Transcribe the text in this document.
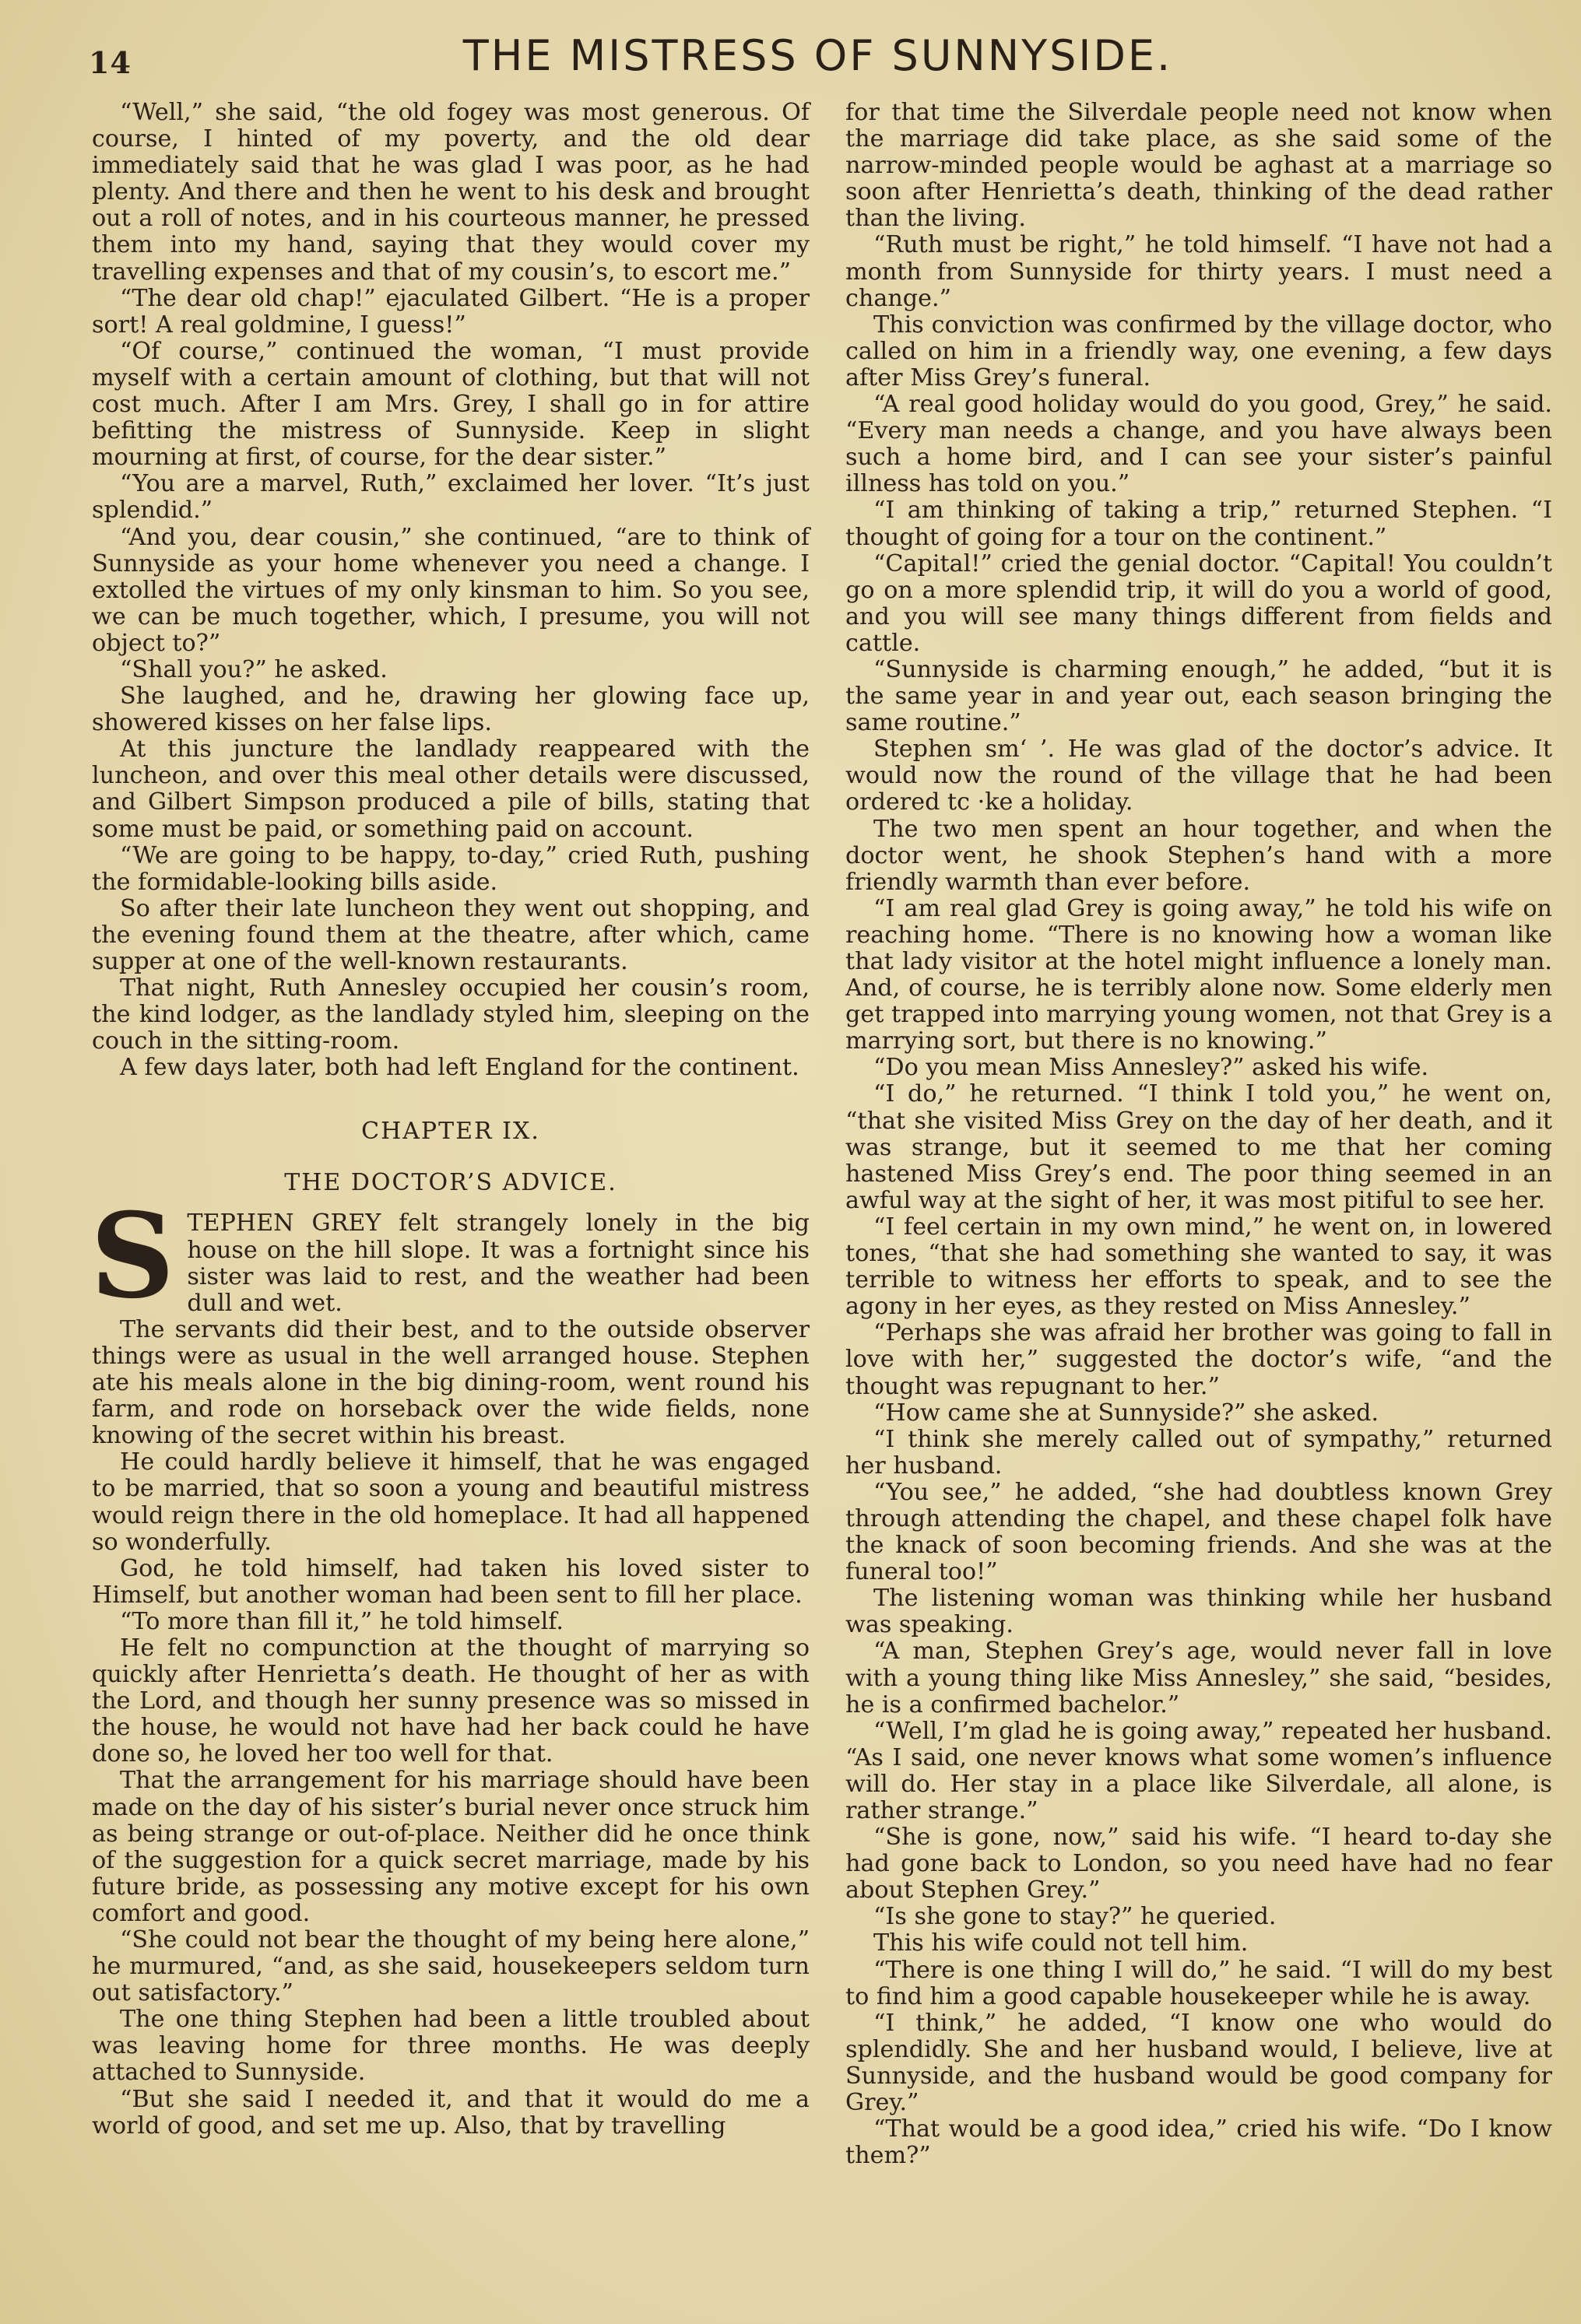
14	THE MISTRESS OF SUNNYSIDE.

“Well,” she said, “the old fogey was most generous. Of course, I hinted of my poverty, and the old dear immediately said that he was glad I was poor, as he had plenty. And there and then he went to his desk and brought out a roll of notes, and in his courteous manner, he pressed them into my hand, saying that they would cover my travelling expenses and that of my cousin’s, to escort me.”

“The dear old chap!” ejaculated Gilbert. “He is a proper sort! A real goldmine, I guess!”

“Of course,” continued the woman, “I must provide myself with a certain amount of clothing, but that will not cost much. After I am Mrs. Grey, I shall go in for attire befitting the mistress of Sunnyside. Keep in slight mourning at first, of course, for the dear sister.”

“You are a marvel, Ruth,” exclaimed her lover. “It’s just splendid.”

“And you, dear cousin,” she continued, “are to think of Sunnyside as your home whenever you need a change. I extolled the virtues of my only kinsman to him. So you see, we can be much together, which, I presume, you will not object to?”

“Shall you?” he asked.

She laughed, and he, drawing her glowing face up, showered kisses on her false lips.

At this juncture the landlady reappeared with the luncheon, and over this meal other details were discussed, and Gilbert Simpson produced a pile of bills, stating that some must be paid, or something paid on account.

“We are going to be happy, to-day,” cried Ruth, pushing the formidable-looking bills aside.

So after their late luncheon they went out shopping, and the evening found them at the theatre, after which, came supper at one of the well-known restaurants.

That night, Ruth Annesley occupied her cousin’s room, the kind lodger, as the landlady styled him, sleeping on the couch in the sitting-room.

A few days later, both had left England for the continent.

CHAPTER IX.
THE DOCTOR’S ADVICE.
S TEPHEN GREY felt strangely lonely in the big house on the hill slope. It was a fortnight since his sister was laid to rest, and the weather had been dull and wet.

The servants did their best, and to the outside observer things were as usual in the well arranged house. Stephen ate his meals alone in the big dining-room, went round his farm, and rode on horseback over the wide fields, none knowing of the secret within his breast.

He could hardly believe it himself, that he was engaged to be married, that so soon a young and beautiful mistress would reign there in the old homeplace. It had all happened so wonderfully.

God, he told himself, had taken his loved sister to Himself, but another woman had been sent to fill her place.

“To more than fill it,” he told himself.

He felt no compunction at the thought of marrying so quickly after Henrietta’s death. He thought of her as with the Lord, and though her sunny presence was so missed in the house, he would not have had her back could he have done so, he loved her too well for that.

That the arrangement for his marriage should have been made on the day of his sister’s burial never once struck him as being strange or out-of-place. Neither did he once think of the suggestion for a quick secret marriage, made by his future bride, as possessing any motive except for his own comfort and good.

“She could not bear the thought of my being here alone,” he murmured, “and, as she said, housekeepers seldom turn out satisfactory.”

The one thing Stephen had been a little troubled about was leaving home for three months. He was deeply attached to Sunnyside.

“But she said I needed it, and that it would do me a world of good, and set me up. Also, that by travelling

for that time the Silverdale people need not know when the marriage did take place, as she said some of the narrow-minded people would be aghast at a marriage so soon after Henrietta’s death, thinking of the dead rather than the living.

“Ruth must be right,” he told himself. “I have not had a month from Sunnyside for thirty years. I must need a change.”

This conviction was confirmed by the village doctor, who called on him in a friendly way, one evening, a few days after Miss Grey’s funeral.

“A real good holiday would do you good, Grey,” he said. “Every man needs a change, and you have always been such a home bird, and I can see your sister’s painful illness has told on you.”

“I am thinking of taking a trip,” returned Stephen. “I thought of going for a tour on the continent.”

“Capital!” cried the genial doctor. “Capital! You couldn’t go on a more splendid trip, it will do you a world of good, and you will see many things different from fields and cattle.

“Sunnyside is charming enough,” he added, “but it is the same year in and year out, each season bringing the same routine.”

Stephen sm‘ ’. He was glad of the doctor’s advice. It would now the round of the village that he had been ordered tc ·ke a holiday.

The two men spent an hour together, and when the doctor went, he shook Stephen’s hand with a more friendly warmth than ever before.

“I am real glad Grey is going away,” he told his wife on reaching home. “There is no knowing how a woman like that lady visitor at the hotel might influence a lonely man. And, of course, he is terribly alone now. Some elderly men get trapped into marrying young women, not that Grey is a marrying sort, but there is no knowing.”

“Do you mean Miss Annesley?” asked his wife.

“I do,” he returned. “I think I told you,” he went on, “that she visited Miss Grey on the day of her death, and it was strange, but it seemed to me that her coming hastened Miss Grey’s end. The poor thing seemed in an awful way at the sight of her, it was most pitiful to see her.

“I feel certain in my own mind,” he went on, in lowered tones, “that she had something she wanted to say, it was terrible to witness her efforts to speak, and to see the agony in her eyes, as they rested on Miss Annesley.”

“Perhaps she was afraid her brother was going to fall in love with her,” suggested the doctor’s wife, “and the thought was repugnant to her.”

“How came she at Sunnyside?” she asked.

“I think she merely called out of sympathy,” returned her husband.

“You see,” he added, “she had doubtless known Grey through attending the chapel, and these chapel folk have the knack of soon becoming friends. And she was at the funeral too!”

The listening woman was thinking while her husband was speaking.

“A man, Stephen Grey’s age, would never fall in love with a young thing like Miss Annesley,” she said, “besides, he is a confirmed bachelor.”

“Well, I’m glad he is going away,” repeated her husband. “As I said, one never knows what some women’s influence will do. Her stay in a place like Silverdale, all alone, is rather strange.”

“She is gone, now,” said his wife. “I heard to-day she had gone back to London, so you need have had no fear about Stephen Grey.”

“Is she gone to stay?” he queried.

This his wife could not tell him.

“There is one thing I will do,” he said. “I will do my best to find him a good capable housekeeper while he is away.

“I think,” he added, “I know one who would do splendidly. She and her husband would, I believe, live at Sunnyside, and the husband would be good company for Grey.”

“That would be a good idea,” cried his wife. “Do I know them?”
